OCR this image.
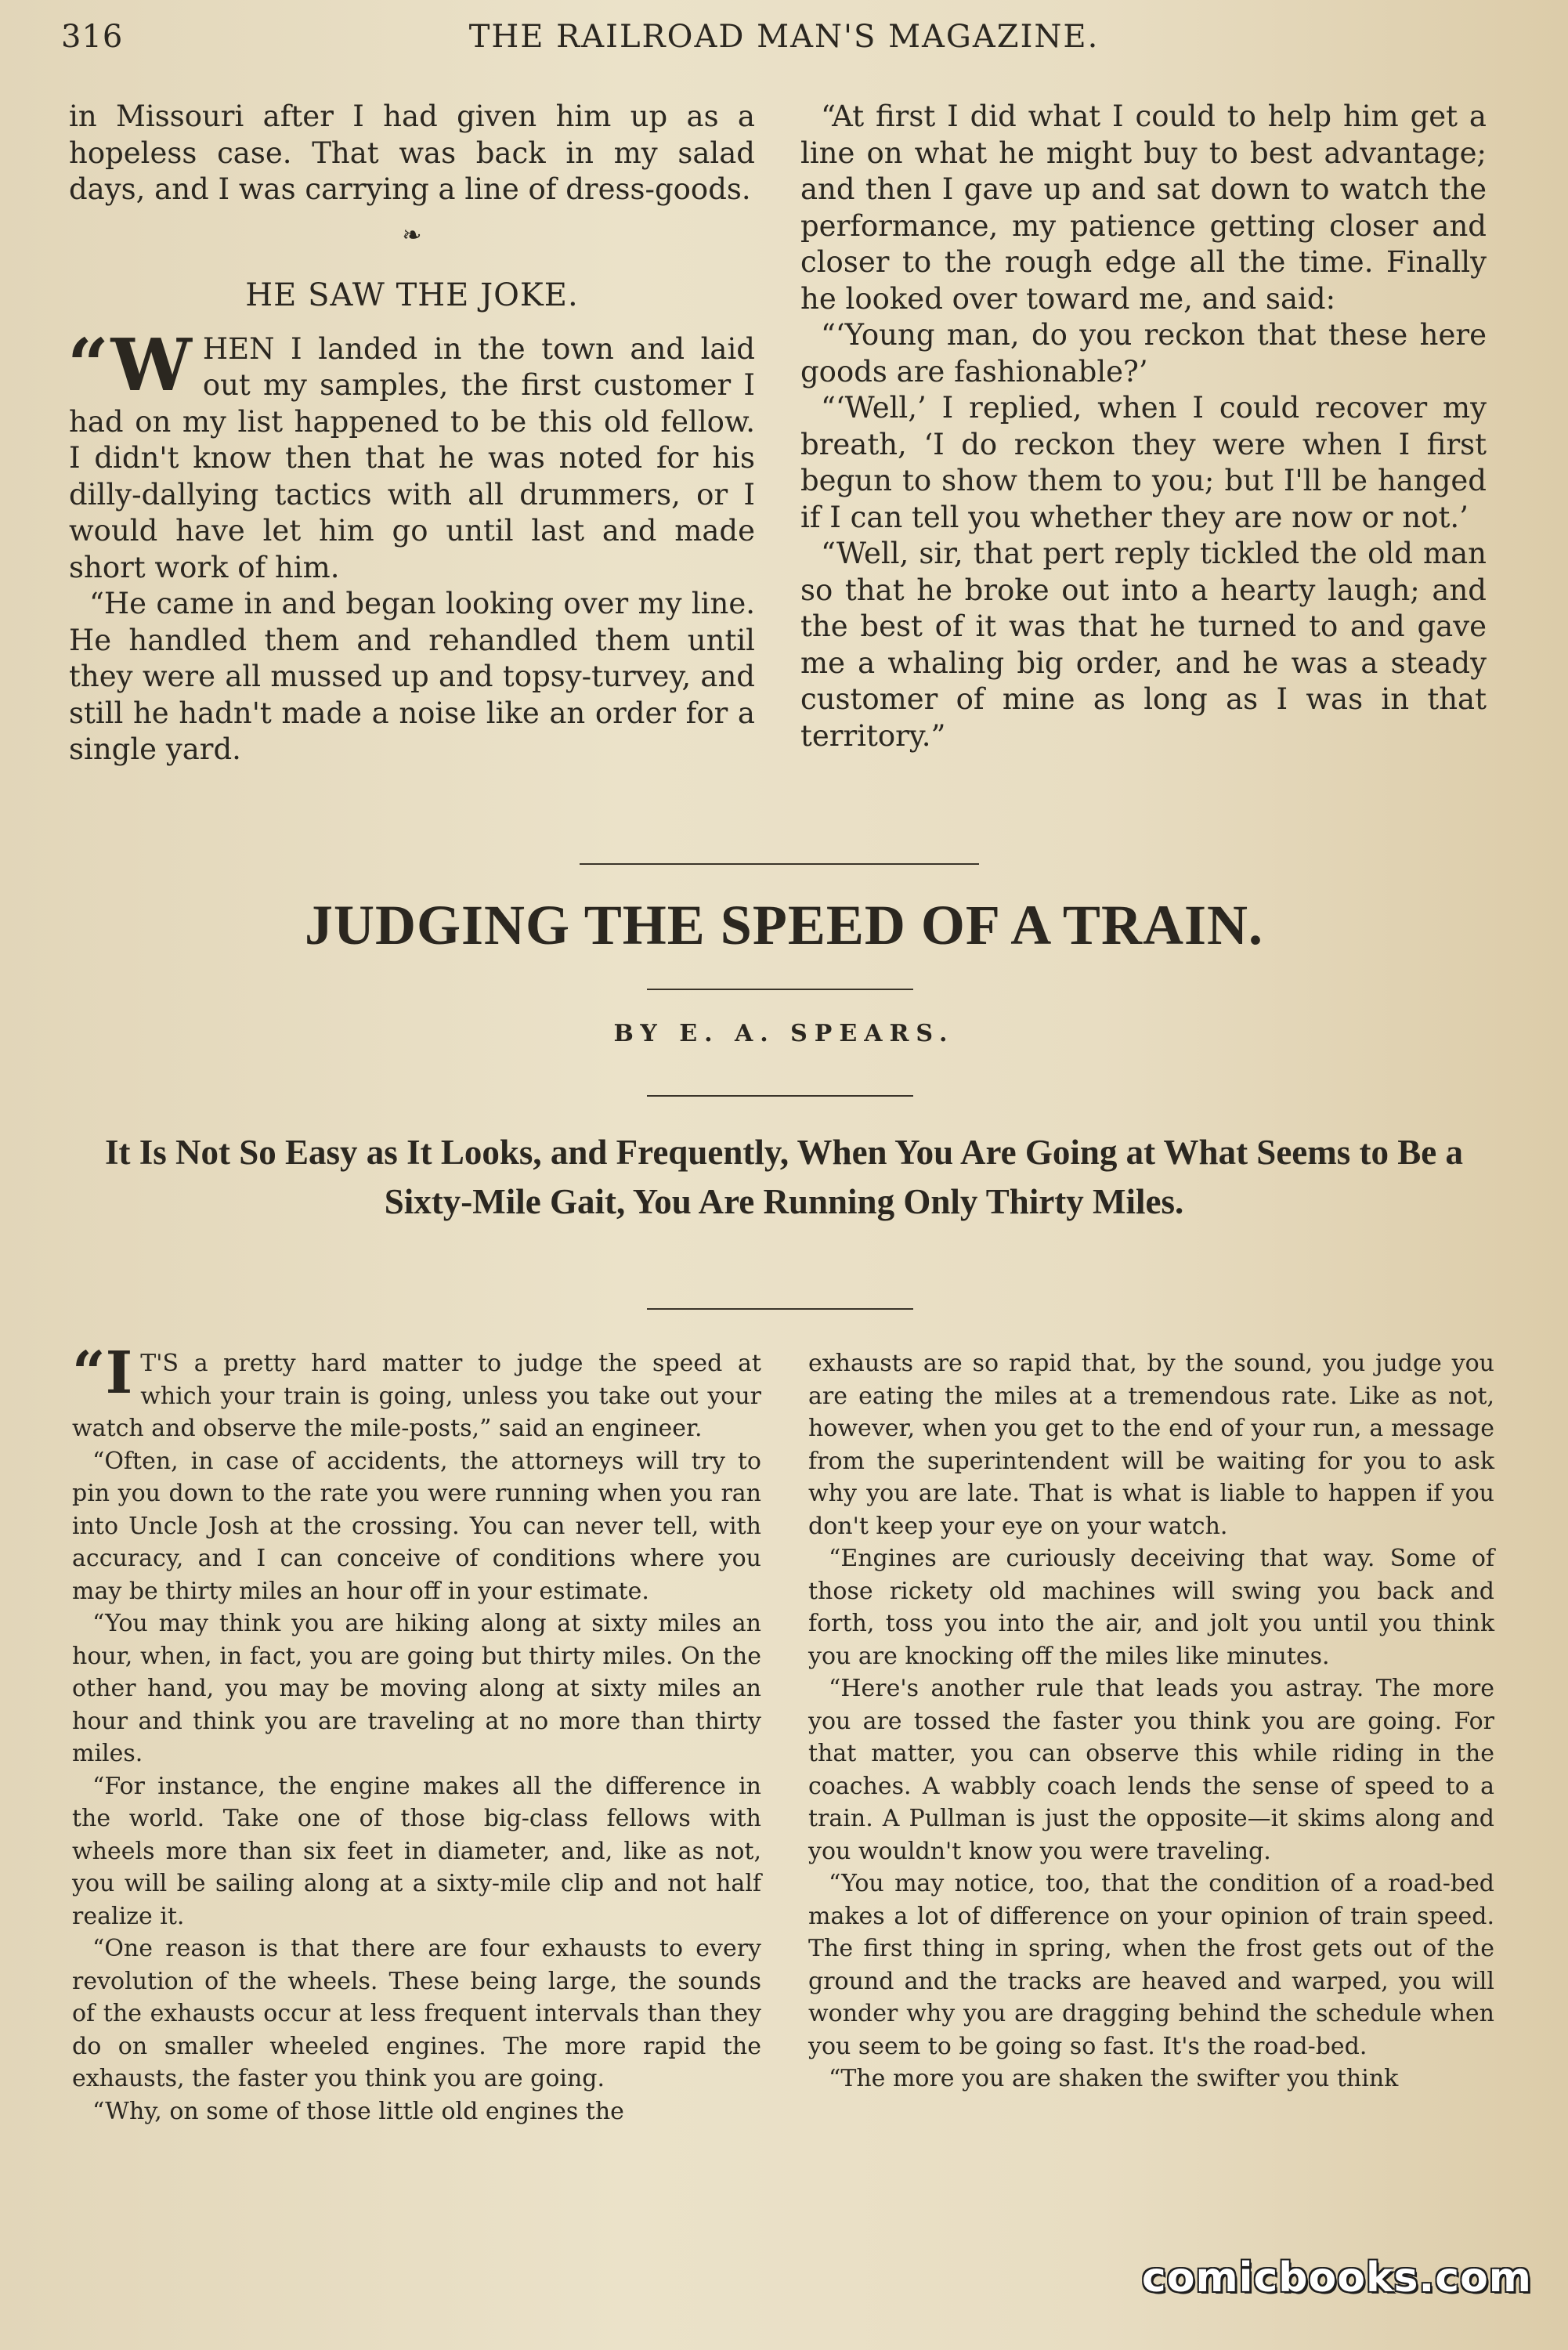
316	THE RAILROAD MAN'S MAGAZINE.

in Missouri after I had given him up as a hopeless case. That was back in my salad days, and I was carrying a line of dress-goods.

❧
HE SAW THE JOKE.

“W HEN I landed in the town and laid out my samples, the first customer I had on my list happened to be this old fellow. I didn't know then that he was noted for his dilly-dallying tactics with all drummers, or I would have let him go until last and made short work of him.

“He came in and began looking over my line. He handled them and rehandled them until they were all mussed up and topsy-turvey, and still he hadn't made a noise like an order for a single yard.

“At first I did what I could to help him get a line on what he might buy to best advantage; and then I gave up and sat down to watch the performance, my patience getting closer and closer to the rough edge all the time. Finally he looked over toward me, and said:

“‘Young man, do you reckon that these here goods are fashionable?’

“‘Well,’ I replied, when I could recover my breath, ‘I do reckon they were when I first begun to show them to you; but I'll be hanged if I can tell you whether they are now or not.’

“Well, sir, that pert reply tickled the old man so that he broke out into a hearty laugh; and the best of it was that he turned to and gave me a whaling big order, and he was a steady customer of mine as long as I was in that territory.”

JUDGING THE SPEED OF A TRAIN.
BY E. A. SPEARS.
It Is Not So Easy as It Looks, and Frequently, When You Are Going at What Seems to Be a Sixty-Mile Gait, You Are Running Only Thirty Miles.

“I T'S a pretty hard matter to judge the speed at which your train is going, unless you take out your watch and observe the mile-posts,” said an engineer.

“Often, in case of accidents, the attorneys will try to pin you down to the rate you were running when you ran into Uncle Josh at the crossing. You can never tell, with accuracy, and I can conceive of conditions where you may be thirty miles an hour off in your estimate.

“You may think you are hiking along at sixty miles an hour, when, in fact, you are going but thirty miles. On the other hand, you may be moving along at sixty miles an hour and think you are traveling at no more than thirty miles.

“For instance, the engine makes all the difference in the world. Take one of those big-class fellows with wheels more than six feet in diameter, and, like as not, you will be sailing along at a sixty-mile clip and not half realize it.

“One reason is that there are four exhausts to every revolution of the wheels. These being large, the sounds of the exhausts occur at less frequent intervals than they do on smaller wheeled engines. The more rapid the exhausts, the faster you think you are going.

“Why, on some of those little old engines the

exhausts are so rapid that, by the sound, you judge you are eating the miles at a tremendous rate. Like as not, however, when you get to the end of your run, a message from the superintendent will be waiting for you to ask why you are late. That is what is liable to happen if you don't keep your eye on your watch.

“Engines are curiously deceiving that way. Some of those rickety old machines will swing you back and forth, toss you into the air, and jolt you until you think you are knocking off the miles like minutes.

“Here's another rule that leads you astray. The more you are tossed the faster you think you are going. For that matter, you can observe this while riding in the coaches. A wabbly coach lends the sense of speed to a train. A Pullman is just the opposite—it skims along and you wouldn't know you were traveling.

“You may notice, too, that the condition of a road-bed makes a lot of difference on your opinion of train speed. The first thing in spring, when the frost gets out of the ground and the tracks are heaved and warped, you will wonder why you are dragging behind the schedule when you seem to be going so fast. It's the road-bed.

“The more you are shaken the swifter you think

comicbooks.com
